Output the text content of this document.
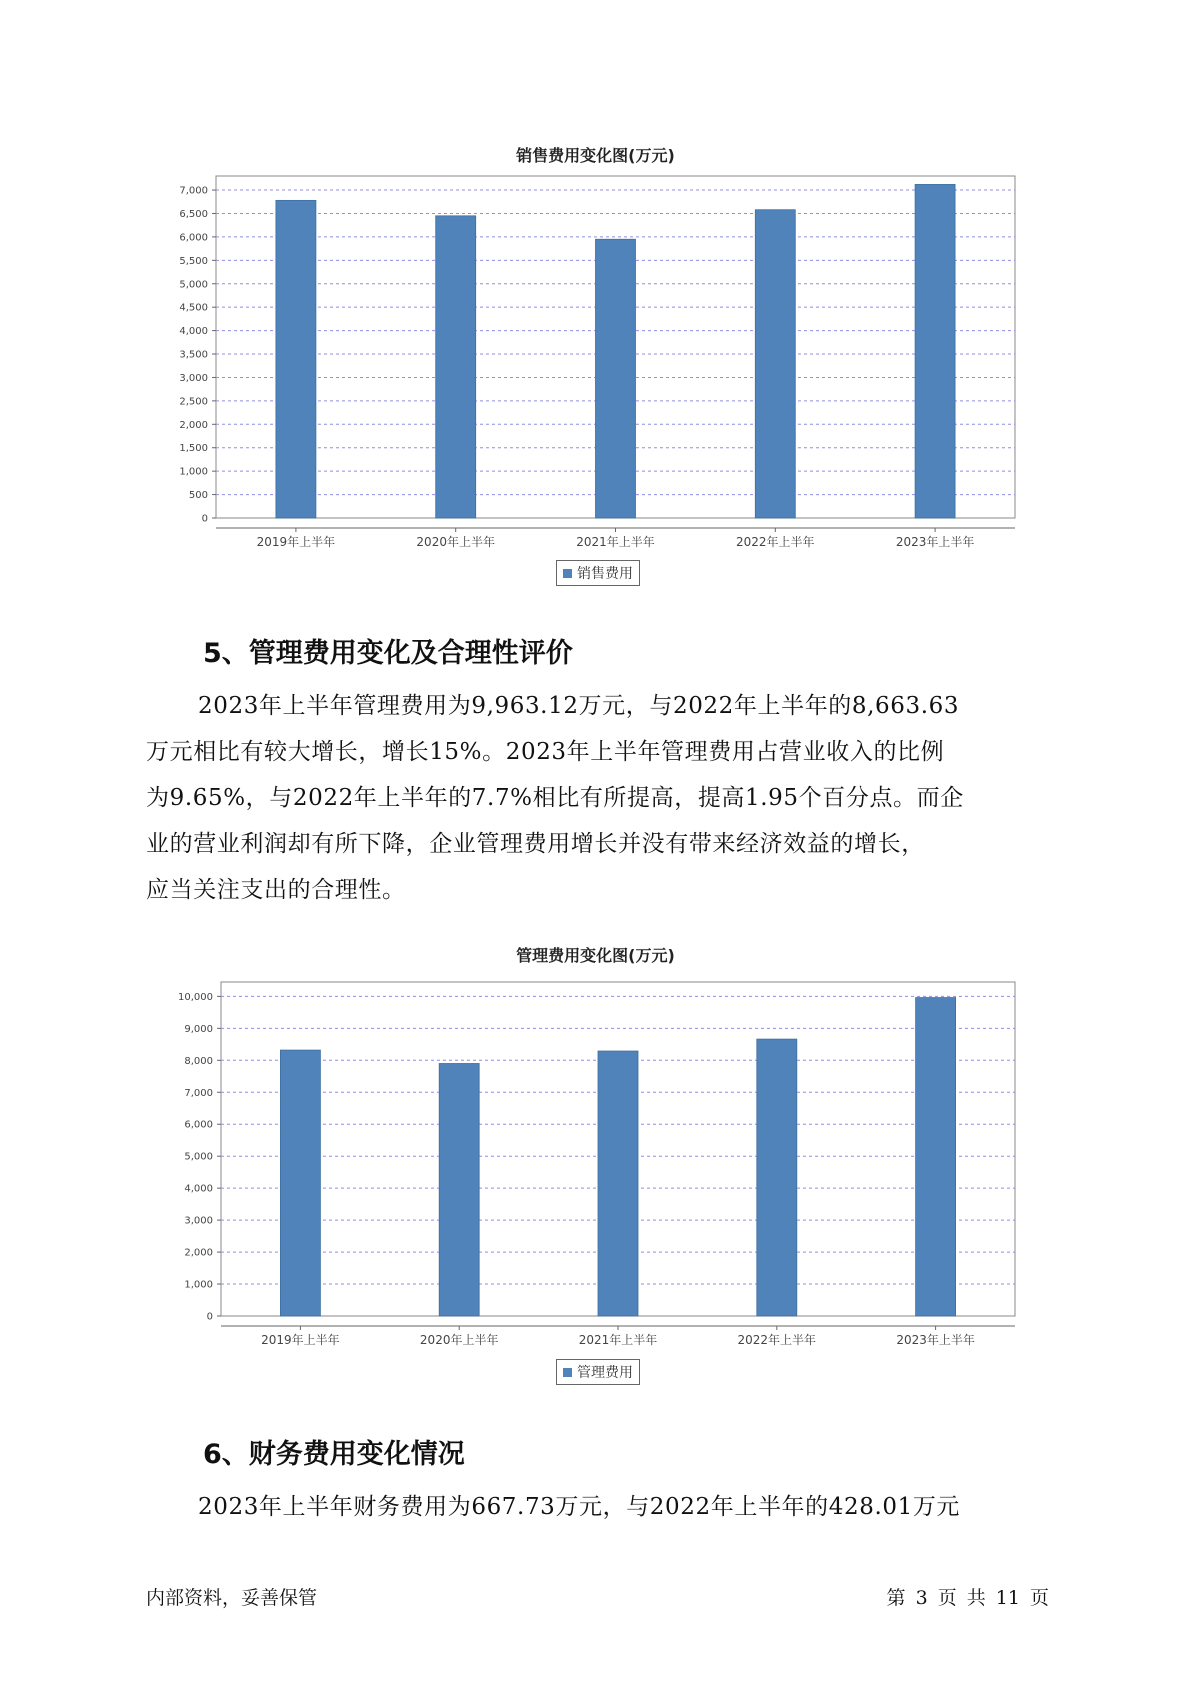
销售费用变化图(万元)
0
500
1,000
1,500
2,000
2,500
3,000
3,500
4,000
4,500
5,000
5,500
6,000
6,500
7,000
2019年上半年	2020年上半年	2021年上半年	2022年上半年	2023年上半年
销售费用
5、管理费用变化及合理性评价
2023年上半年管理费用为9,963.12万元，与2022年上半年的8,663.63
万元相比有较大增长，增长15%。2023年上半年管理费用占营业收入的比例
为9.65%，与2022年上半年的7.7%相比有所提高，提高1.95个百分点。而企
业的营业利润却有所下降，企业管理费用增长并没有带来经济效益的增长，
应当关注支出的合理性。
管理费用变化图(万元)
0
1,000
2,000
3,000
4,000
5,000
6,000
7,000
8,000
9,000
10,000
2019年上半年	2020年上半年	2021年上半年	2022年上半年	2023年上半年
管理费用
6、财务费用变化情况
2023年上半年财务费用为667.73万元，与2022年上半年的428.01万元
内部资料，妥善保管	第 3 页 共 11 页
